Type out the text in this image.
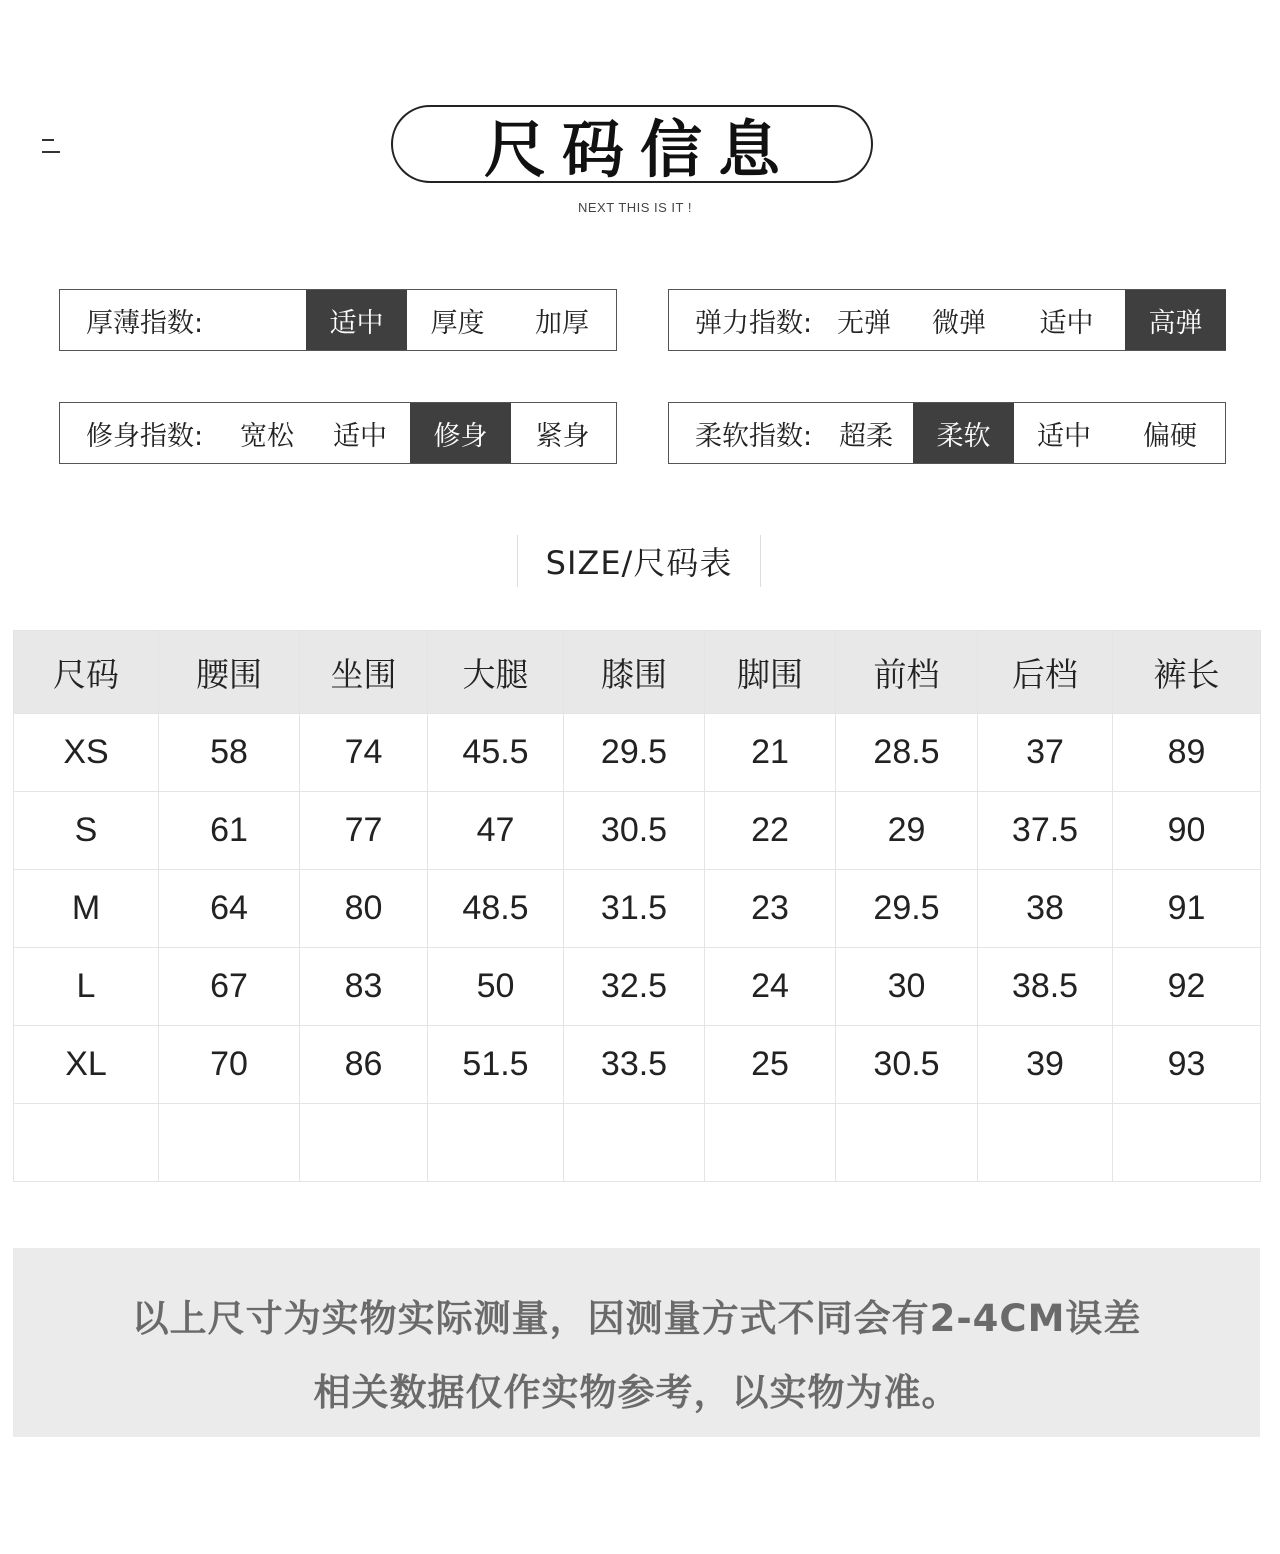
尺码信息
NEXT THIS IS IT !
厚薄指数:	适中	厚度	加厚	弹力指数: 无弹	微弹	适中	高弹
修身指数:	宽松	适中	修身	紧身	柔软指数: 超柔	柔软	适中	偏硬
SIZE/尺码表
尺码	腰围	坐围	大腿	膝围	脚围	前档	后档	裤长
XS	58	74	45.5	29.5	21	28.5	37	89
S	61	77	47	30.5	22	29	37.5	90
M	64	80	48.5	31.5	23	29.5	38	91
L	67	83	50	32.5	24	30	38.5	92
XL	70	86	51.5	33.5	25	30.5	39	93

以上尺寸为实物实际测量，因测量方式不同会有2-4CM误差
相关数据仅作实物参考，以实物为准。
